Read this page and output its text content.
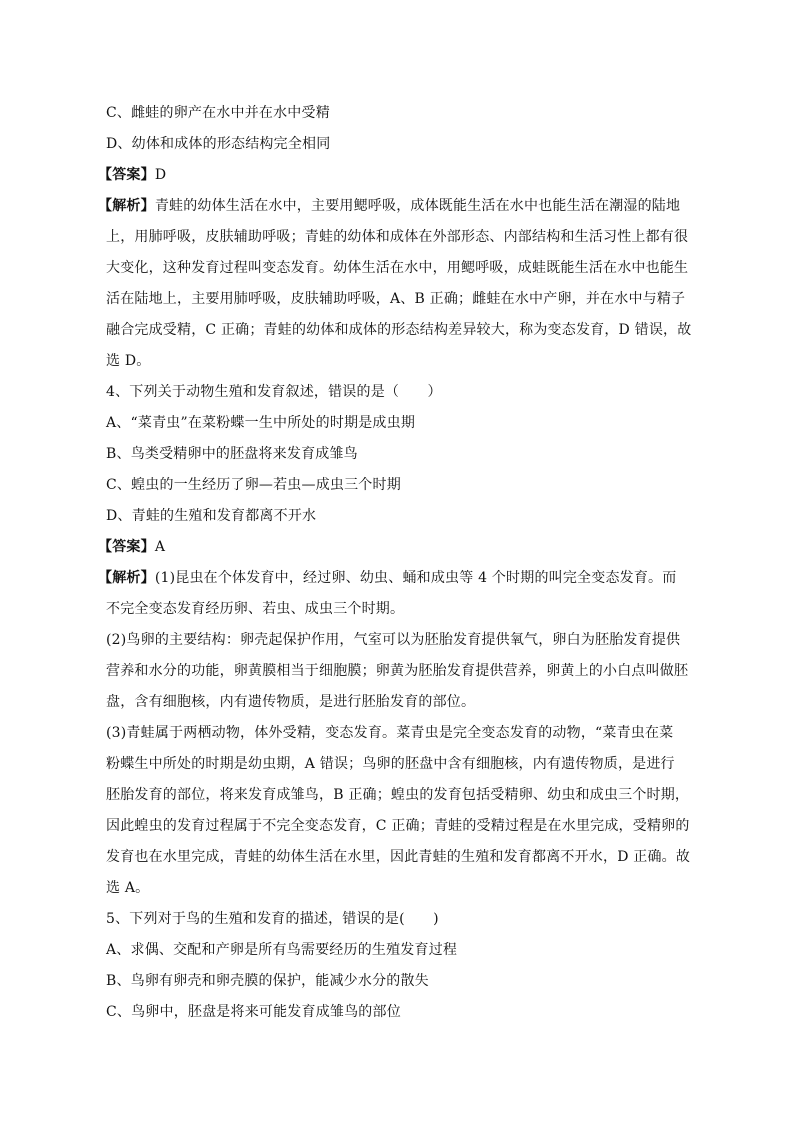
C、雌蛙的卵产在水中并在水中受精
D、幼体和成体的形态结构完全相同
【答案】D
【解析】青蛙的幼体生活在水中，主要用鳃呼吸，成体既能生活在水中也能生活在潮湿的陆地
上，用肺呼吸，皮肤辅助呼吸；青蛙的幼体和成体在外部形态、内部结构和生活习性上都有很
大变化，这种发育过程叫变态发育。幼体生活在水中，用鳃呼吸，成蛙既能生活在水中也能生
活在陆地上，主要用肺呼吸，皮肤辅助呼吸，A、B 正确；雌蛙在水中产卵，并在水中与精子
融合完成受精，C 正确；青蛙的幼体和成体的形态结构差异较大，称为变态发育，D 错误，故
选 D。
4、下列关于动物生殖和发育叙述，错误的是（　　）
A、“菜青虫”在菜粉蝶一生中所处的时期是成虫期
B、鸟类受精卵中的胚盘将来发育成雏鸟
C、蝗虫的一生经历了卵—若虫—成虫三个时期
D、青蛙的生殖和发育都离不开水
【答案】A
【解析】(1)昆虫在个体发育中，经过卵、幼虫、蛹和成虫等 4 个时期的叫完全变态发育。而
不完全变态发育经历卵、若虫、成虫三个时期。
(2)鸟卵的主要结构：卵壳起保护作用，气室可以为胚胎发育提供氧气，卵白为胚胎发育提供
营养和水分的功能，卵黄膜相当于细胞膜；卵黄为胚胎发育提供营养，卵黄上的小白点叫做胚
盘，含有细胞核，内有遗传物质，是进行胚胎发育的部位。
(3)青蛙属于两栖动物，体外受精，变态发育。菜青虫是完全变态发育的动物，“菜青虫在菜
粉蝶生中所处的时期是幼虫期，A 错误；鸟卵的胚盘中含有细胞核，内有遗传物质，是进行
胚胎发育的部位，将来发育成雏鸟，B 正确；蝗虫的发育包括受精卵、幼虫和成虫三个时期，
因此蝗虫的发育过程属于不完全变态发育，C 正确；青蛙的受精过程是在水里完成，受精卵的
发育也在水里完成，青蛙的幼体生活在水里，因此青蛙的生殖和发育都离不开水，D 正确。故
选 A。
5、下列对于鸟的生殖和发育的描述，错误的是(　　)
A、求偶、交配和产卵是所有鸟需要经历的生殖发育过程
B、鸟卵有卵壳和卵壳膜的保护，能减少水分的散失
C、鸟卵中，胚盘是将来可能发育成雏鸟的部位
